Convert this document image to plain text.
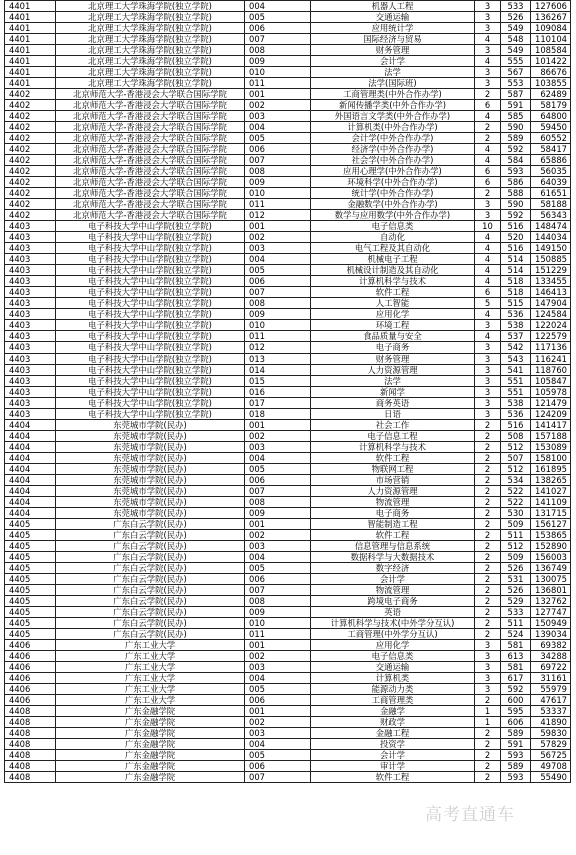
4401	北京理工大学珠海学院(独立学院)	004	机器人工程	3	533	127606
4401	北京理工大学珠海学院(独立学院)	005	交通运输	3	526	136267
4401	北京理工大学珠海学院(独立学院)	006	应用统计学	3	549	109084
4401	北京理工大学珠海学院(独立学院)	007	国际经济与贸易	4	548	110104
4401	北京理工大学珠海学院(独立学院)	008	财务管理	3	549	108584
4401	北京理工大学珠海学院(独立学院)	009	会计学	4	555	101422
4401	北京理工大学珠海学院(独立学院)	010	法学	3	567	86676
4401	北京理工大学珠海学院(独立学院)	011	法学(国际班)	3	553	103855
4402	北京师范大学-香港浸会大学联合国际学院	001	工商管理类(中外合作办学)	2	587	62489
4402	北京师范大学-香港浸会大学联合国际学院	002	新闻传播学类(中外合作办学)	6	591	58179
4402	北京师范大学-香港浸会大学联合国际学院	003	外国语言文学类(中外合作办学)	4	585	64800
4402	北京师范大学-香港浸会大学联合国际学院	004	计算机类(中外合作办学)	2	590	59450
4402	北京师范大学-香港浸会大学联合国际学院	005	会计学(中外合作办学)	2	589	60552
4402	北京师范大学-香港浸会大学联合国际学院	006	经济学(中外合作办学)	4	592	58417
4402	北京师范大学-香港浸会大学联合国际学院	007	社会学(中外合作办学)	4	584	65886
4402	北京师范大学-香港浸会大学联合国际学院	008	应用心理学(中外合作办学)	6	593	56035
4402	北京师范大学-香港浸会大学联合国际学院	009	环境科学(中外合作办学)	6	586	64039
4402	北京师范大学-香港浸会大学联合国际学院	010	统计学(中外合作办学)	2	588	61651
4402	北京师范大学-香港浸会大学联合国际学院	011	金融数学(中外合作办学)	3	590	58188
4402	北京师范大学-香港浸会大学联合国际学院	012	数学与应用数学(中外合作办学)	3	592	56343
4403	电子科技大学中山学院(独立学院)	001	电子信息类	10	516	148474
4403	电子科技大学中山学院(独立学院)	002	自动化	4	520	144034
4403	电子科技大学中山学院(独立学院)	003	电气工程及其自动化	4	516	149150
4403	电子科技大学中山学院(独立学院)	004	机械电子工程	4	514	150885
4403	电子科技大学中山学院(独立学院)	005	机械设计制造及其自动化	4	514	151229
4403	电子科技大学中山学院(独立学院)	006	计算机科学与技术	4	518	133455
4403	电子科技大学中山学院(独立学院)	007	软件工程	6	518	146413
4403	电子科技大学中山学院(独立学院)	008	人工智能	5	515	147904
4403	电子科技大学中山学院(独立学院)	009	应用化学	4	536	124584
4403	电子科技大学中山学院(独立学院)	010	环境工程	3	538	122024
4403	电子科技大学中山学院(独立学院)	011	食品质量与安全	4	537	122579
4403	电子科技大学中山学院(独立学院)	012	电子商务	3	542	117136
4403	电子科技大学中山学院(独立学院)	013	财务管理	3	543	116241
4403	电子科技大学中山学院(独立学院)	014	人力资源管理	3	541	118760
4403	电子科技大学中山学院(独立学院)	015	法学	3	551	105847
4403	电子科技大学中山学院(独立学院)	016	新闻学	3	551	105978
4403	电子科技大学中山学院(独立学院)	017	商务英语	3	538	121479
4403	电子科技大学中山学院(独立学院)	018	日语	3	536	124209
4404	东莞城市学院(民办)	001	社会工作	2	516	141417
4404	东莞城市学院(民办)	002	电子信息工程	2	508	157188
4404	东莞城市学院(民办)	003	计算机科学与技术	2	512	153089
4404	东莞城市学院(民办)	004	软件工程	2	507	158100
4404	东莞城市学院(民办)	005	物联网工程	2	512	161895
4404	东莞城市学院(民办)	006	市场营销	2	534	138265
4404	东莞城市学院(民办)	007	人力资源管理	2	522	141027
4404	东莞城市学院(民办)	008	物流管理	2	522	141109
4404	东莞城市学院(民办)	009	电子商务	2	530	131715
4405	广东白云学院(民办)	001	智能制造工程	2	509	156127
4405	广东白云学院(民办)	002	软件工程	2	511	153865
4405	广东白云学院(民办)	003	信息管理与信息系统	2	512	152890
4405	广东白云学院(民办)	004	数据科学与大数据技术	2	509	156003
4405	广东白云学院(民办)	005	数字经济	2	526	136749
4405	广东白云学院(民办)	006	会计学	2	531	130075
4405	广东白云学院(民办)	007	物流管理	2	526	136801
4405	广东白云学院(民办)	008	跨境电子商务	2	529	132762
4405	广东白云学院(民办)	009	英语	2	533	127747
4405	广东白云学院(民办)	010	计算机科学与技术(中外学分互认)	2	511	150949
4405	广东白云学院(民办)	011	工商管理(中外学分互认)	2	524	139034
4406	广东工业大学	001	应用化学	3	581	69382
4406	广东工业大学	002	电子信息类	3	613	34288
4406	广东工业大学	003	交通运输	3	581	69722
4406	广东工业大学	004	计算机类	3	617	31161
4406	广东工业大学	005	能源动力类	3	592	55979
4406	广东工业大学	006	工商管理类	2	600	47617
4408	广东金融学院	001	金融学	1	595	53337
4408	广东金融学院	002	财政学	1	606	41890
4408	广东金融学院	003	金融工程	2	589	59830
4408	广东金融学院	004	投资学	2	591	57829
4408	广东金融学院	005	会计学	2	593	56725
4408	广东金融学院	006	审计学	2	589	49708
4408	广东金融学院	007	软件工程	2	593	55490
高考直通车
